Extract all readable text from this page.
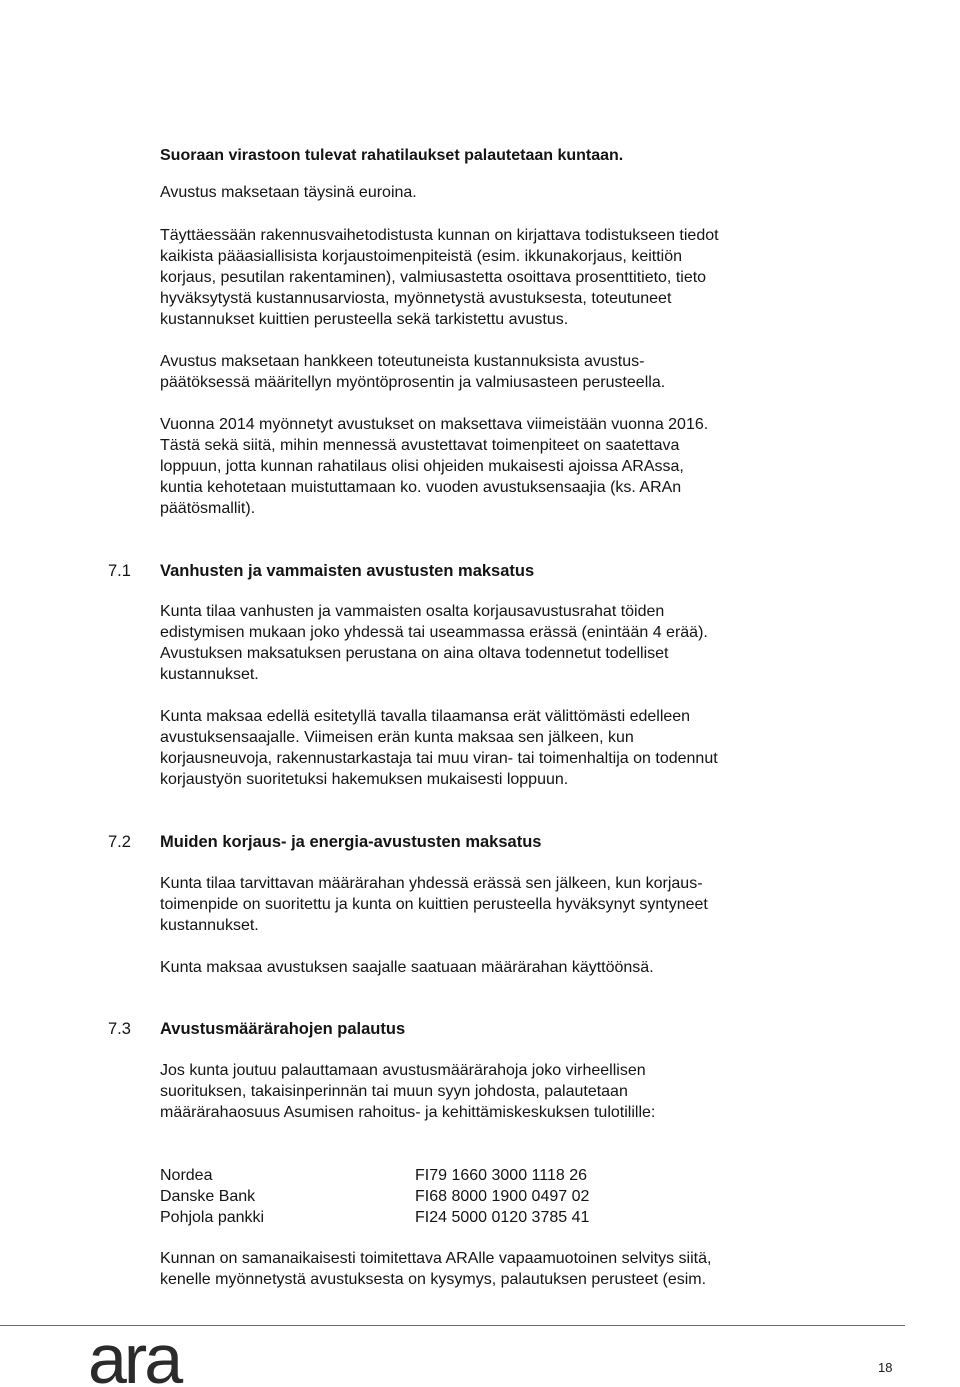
Suoraan virastoon tulevat rahatilaukset palautetaan kuntaan.
Avustus maksetaan täysinä euroina.
Täyttäessään rakennusvaihetodistusta kunnan on kirjattava todistukseen tiedot
kaikista pääasiallisista korjaustoimenpiteistä (esim. ikkunakorjaus, keittiön
korjaus, pesutilan rakentaminen), valmiusastetta osoittava prosenttitieto, tieto
hyväksytystä kustannusarviosta, myönnetystä avustuksesta, toteutuneet
kustannukset kuittien perusteella sekä tarkistettu avustus.
Avustus maksetaan hankkeen toteutuneista kustannuksista avustus-
päätöksessä määritellyn myöntöprosentin ja valmiusasteen perusteella.
Vuonna 2014 myönnetyt avustukset on maksettava viimeistään vuonna 2016.
Tästä sekä siitä, mihin mennessä avustettavat toimenpiteet on saatettava
loppuun, jotta kunnan rahatilaus olisi ohjeiden mukaisesti ajoissa ARAssa,
kuntia kehotetaan muistuttamaan ko. vuoden avustuksensaajia (ks. ARAn
päätösmallit).
7.1 Vanhusten ja vammaisten avustusten maksatus
Kunta tilaa vanhusten ja vammaisten osalta korjausavustusrahat töiden
edistymisen mukaan joko yhdessä tai useammassa erässä (enintään 4 erää).
Avustuksen maksatuksen perustana on aina oltava todennetut todelliset
kustannukset.
Kunta maksaa edellä esitetyllä tavalla tilaamansa erät välittömästi edelleen
avustuksensaajalle. Viimeisen erän kunta maksaa sen jälkeen, kun
korjausneuvoja, rakennustarkastaja tai muu viran- tai toimenhaltija on todennut
korjaustyön suoritetuksi hakemuksen mukaisesti loppuun.
7.2 Muiden korjaus- ja energia-avustusten maksatus
Kunta tilaa tarvittavan määrärahan yhdessä erässä sen jälkeen, kun korjaus-
toimenpide on suoritettu ja kunta on kuittien perusteella hyväksynyt syntyneet
kustannukset.
Kunta maksaa avustuksen saajalle saatuaan määrärahan käyttöönsä.
7.3 Avustusmäärärahojen palautus
Jos kunta joutuu palauttamaan avustusmäärärahoja joko virheellisen
suorituksen, takaisinperinnän tai muun syyn johdosta, palautetaan
määrärahaosuus Asumisen rahoitus- ja kehittämiskeskuksen tulotilille:
Nordea	FI79 1660 3000 1118 26
Danske Bank	FI68 8000 1900 0497 02
Pohjola pankki	FI24 5000 0120 3785 41
Kunnan on samanaikaisesti toimitettava ARAlle vapaamuotoinen selvitys siitä,
kenelle myönnetystä avustuksesta on kysymys, palautuksen perusteet (esim.
ara	18
